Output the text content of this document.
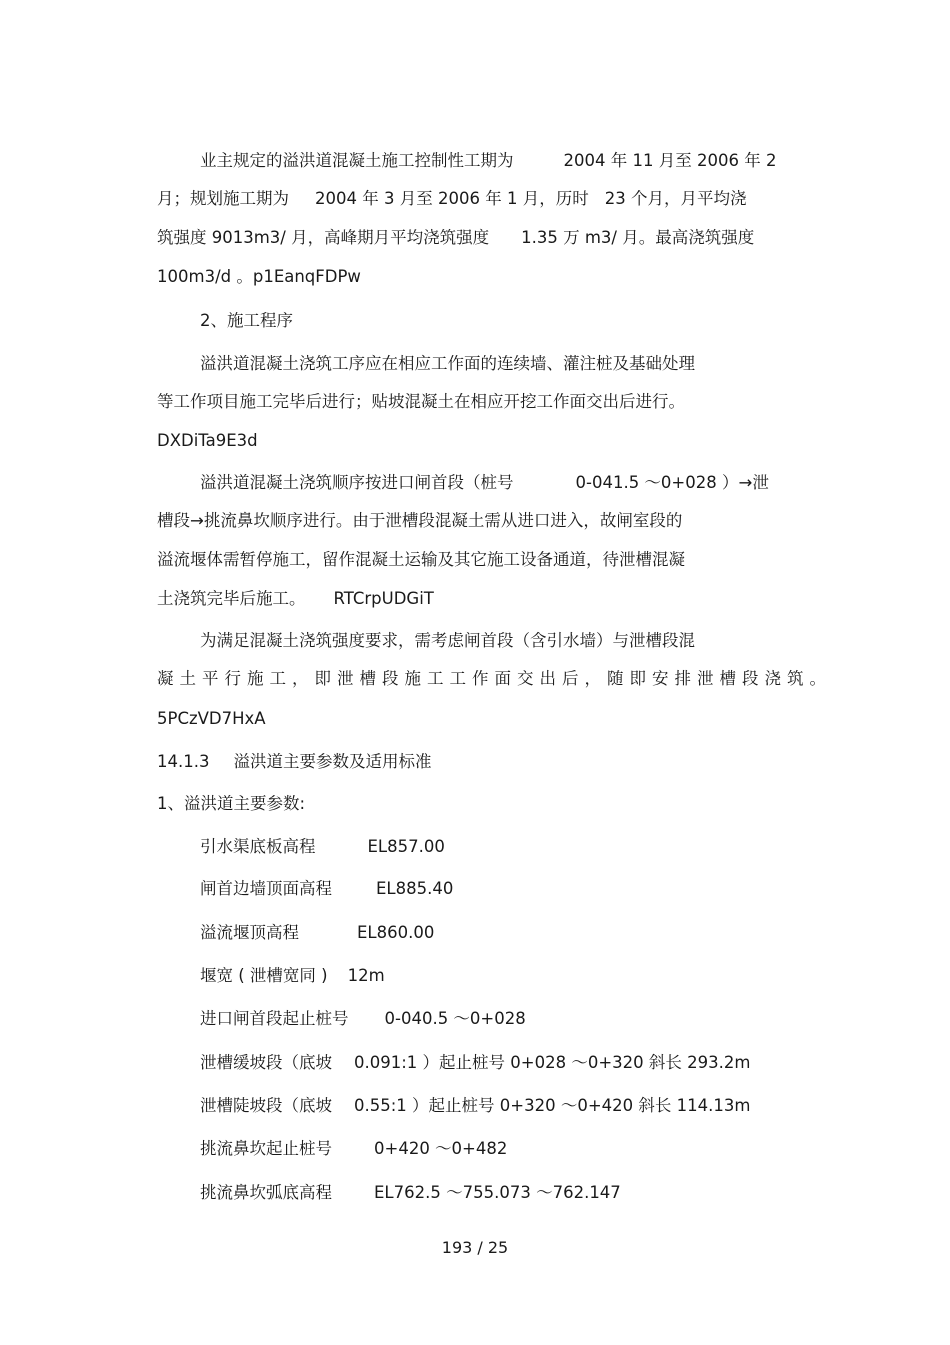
业主规定的溢洪道混凝土施工控制性工期为	2004 年 11 月至 2006 年 2
月；规划施工期为 2004 年 3 月至 2006 年 1 月，历时 23 个月，月平均浇
筑强度 9013m3/ 月，高峰期月平均浇筑强度 1.35 万 m3/ 月。最高浇筑强度
100m3/d 。p1EanqFDPw
2、施工程序
溢洪道混凝土浇筑工序应在相应工作面的连续墙、灌注桩及基础处理
等工作项目施工完毕后进行；贴坡混凝土在相应开挖工作面交出后进行。
DXDiTa9E3d
溢洪道混凝土浇筑顺序按进口闸首段（桩号	0-041.5 ～0+028 ）→泄
槽段→挑流鼻坎顺序进行。由于泄槽段混凝土需从进口进入，故闸室段的
溢流堰体需暂停施工，留作混凝土运输及其它施工设备通道，待泄槽混凝
土浇筑完毕后施工。 RTCrpUDGiT
为满足混凝土浇筑强度要求，需考虑闸首段（含引水墙）与泄槽段混
凝土平行施工，即泄槽段施工工作面交出后，随即安排泄槽段浇筑。
5PCzVD7HxA
14.1.3 溢洪道主要参数及适用标准
1、溢洪道主要参数:
引水渠底板高程	EL857.00
闸首边墙顶面高程	EL885.40
溢流堰顶高程	EL860.00
堰宽 ( 泄槽宽同 ) 12m
进口闸首段起止桩号 0-040.5 ～0+028
泄槽缓坡段（底坡 0.091:1 ）起止桩号 0+028 ～0+320 斜长 293.2m
泄槽陡坡段（底坡 0.55:1 ）起止桩号 0+320 ～0+420 斜长 114.13m
挑流鼻坎起止桩号	0+420 ～0+482
挑流鼻坎弧底高程	EL762.5 ～755.073 ～762.147
193 / 25
